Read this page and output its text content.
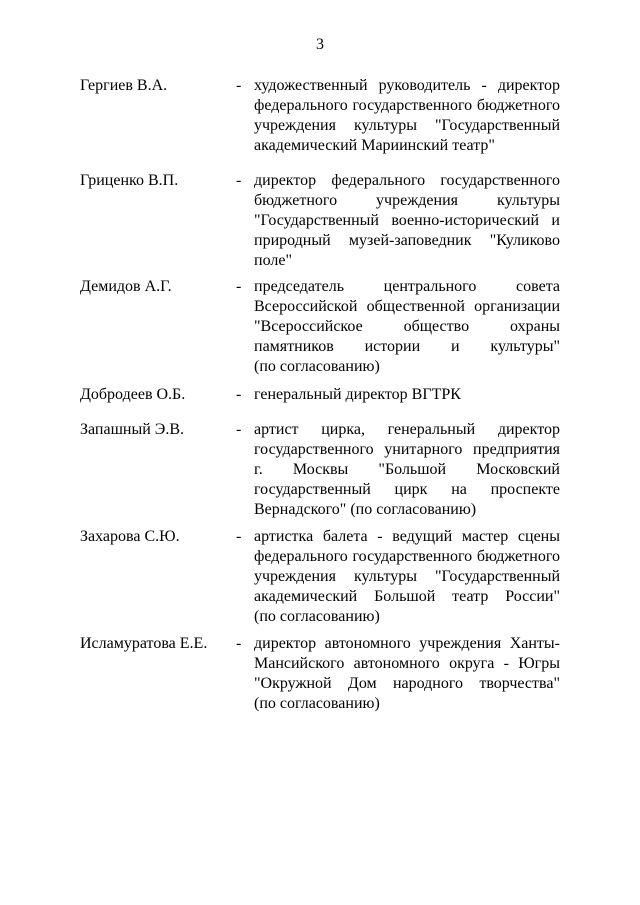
3
Гергиев В.А.	- художественный руководитель - директор
федерального государственного бюджетного
учреждения культуры "Государственный
академический Мариинский театр"
Гриценко В.П.	- директор федерального государственного
бюджетного учреждения культуры
"Государственный военно-исторический и
природный музей-заповедник "Куликово
поле"
Демидов А.Г.	- председатель центрального совета
Всероссийской общественной организации
"Всероссийское общество охраны
памятников истории и культуры"
(по согласованию)
Добродеев О.Б.	- генеральный директор ВГТРК
Запашный Э.В.	- артист цирка, генеральный директор
государственного унитарного предприятия
г. Москвы "Большой Московский
государственный цирк на проспекте
Вернадского" (по согласованию)
Захарова С.Ю.	- артистка балета - ведущий мастер сцены
федерального государственного бюджетного
учреждения культуры "Государственный
академический Большой театр России"
(по согласованию)
Исламуратова Е.Е.	- директор автономного учреждения Ханты-
Мансийского автономного округа - Югры
"Окружной Дом народного творчества"
(по согласованию)
